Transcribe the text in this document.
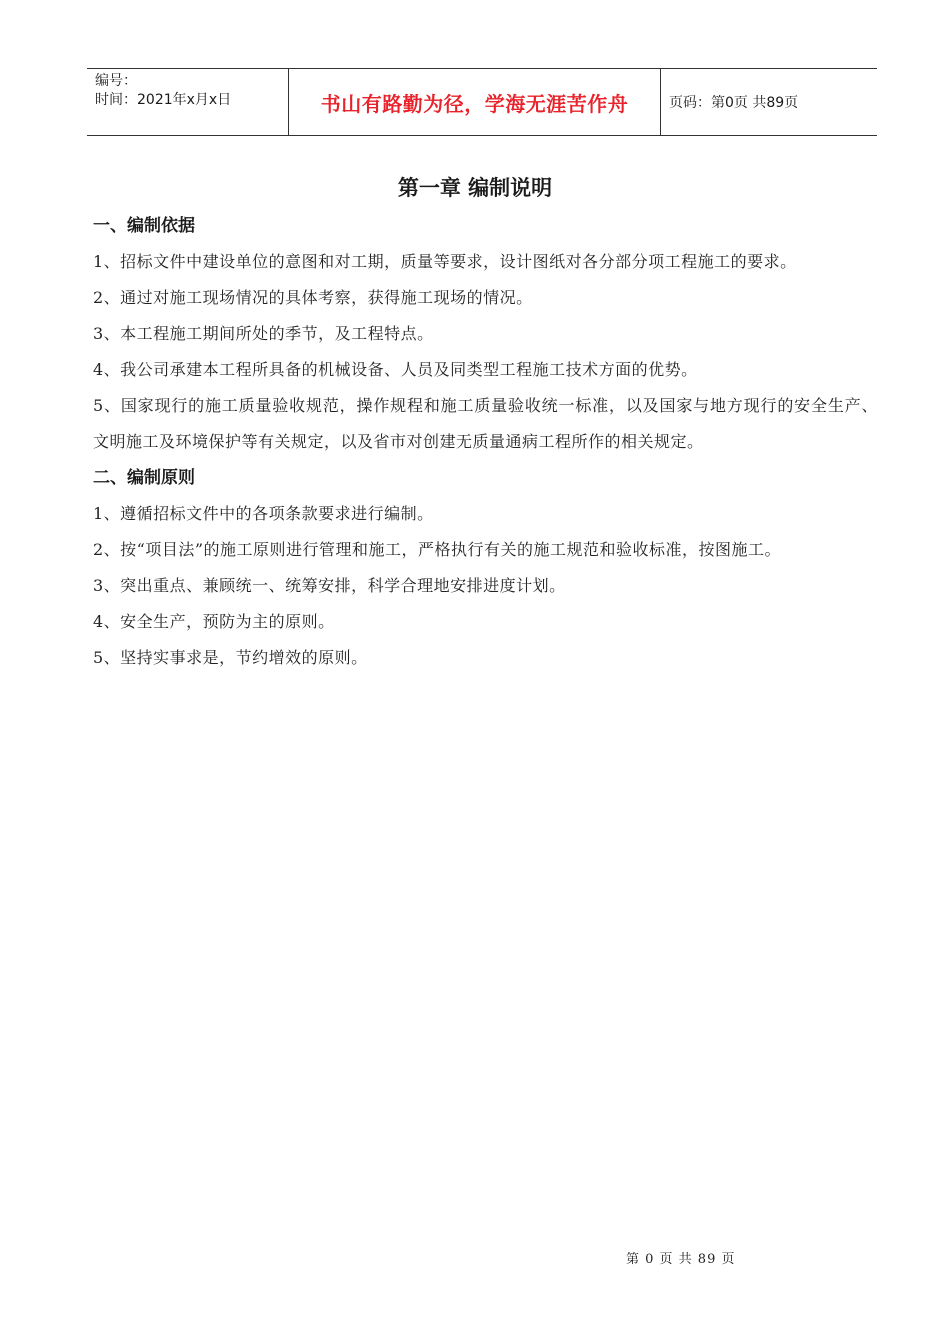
编号：
时间：2021年x月x日	书山有路勤为径，学海无涯苦作舟	页码：第0页 共89页
第一章 编制说明

一、编制依据

1、招标文件中建设单位的意图和对工期，质量等要求，设计图纸对各分部分项工程施工的要求。

2、通过对施工现场情况的具体考察，获得施工现场的情况。

3、本工程施工期间所处的季节，及工程特点。

4、我公司承建本工程所具备的机械设备、人员及同类型工程施工技术方面的优势。

5、国家现行的施工质量验收规范，操作规程和施工质量验收统一标准，以及国家与地方现行的安全生产、文明施工及环境保护等有关规定，以及省市对创建无质量通病工程所作的相关规定。

二、编制原则

1、遵循招标文件中的各项条款要求进行编制。

2、按“项目法”的施工原则进行管理和施工，严格执行有关的施工规范和验收标准，按图施工。

3、突出重点、兼顾统一、统筹安排，科学合理地安排进度计划。

4、安全生产，预防为主的原则。

5、坚持实事求是，节约增效的原则。

第 0 页 共 89 页
